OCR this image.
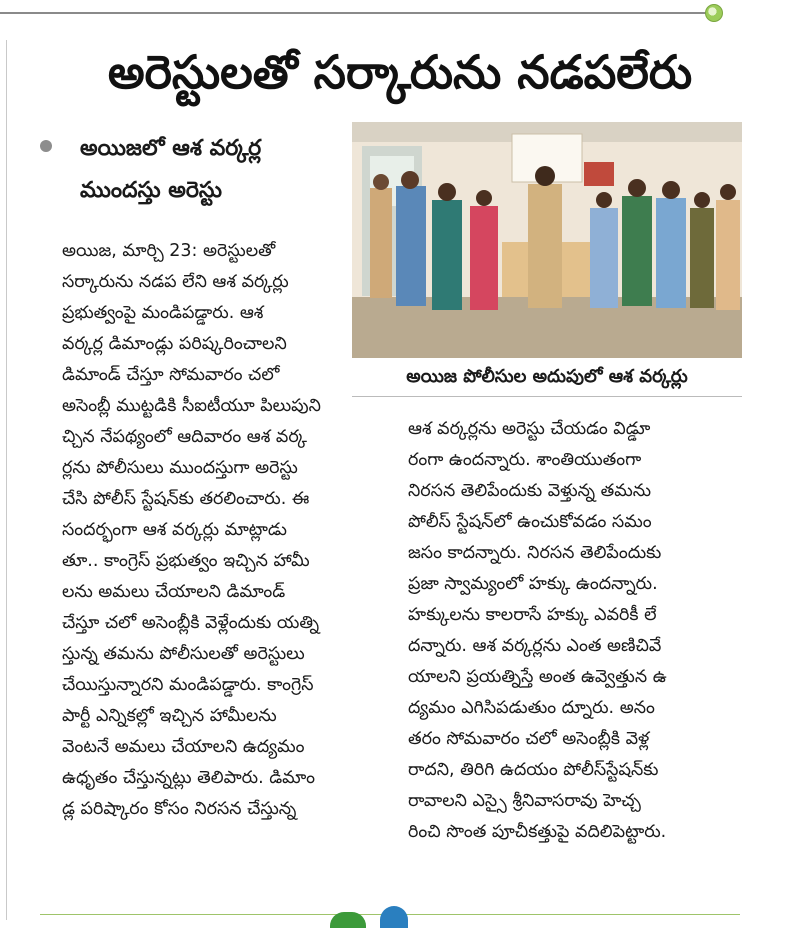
అరెస్టులతో సర్కారును నడపలేరు
అయిజలో ఆశ వర్కర్ల
ముందస్తు అరెస్టు
అయిజ పోలీసుల అదుపులో ఆశ వర్కర్లు

అయిజ, మార్చి 23: అరెస్టులతో

సర్కారును నడప లేని ఆశ వర్కర్లు

ప్రభుత్వంపై మండిపడ్డారు. ఆశ

వర్కర్ల డిమాండ్లు పరిష్కరించాలని

డిమాండ్ చేస్తూ సోమవారం చలో

అసెంబ్లీ ముట్టడికి సీఐటీయూ పిలుపుని

చ్చిన నేపథ్యంలో ఆదివారం ఆశ వర్క

ర్లను పోలీసులు ముందస్తుగా అరెస్టు

చేసి పోలీస్ స్టేషన్‌కు తరలించారు. ఈ

సందర్భంగా ఆశ వర్కర్లు మాట్లాడు

తూ.. కాంగ్రెస్ ప్రభుత్వం ఇచ్చిన హామీ

లను అమలు చేయాలని డిమాండ్

చేస్తూ చలో అసెంబ్లీకి వెళ్లేందుకు యత్ని

స్తున్న తమను పోలీసులతో అరెస్టులు

చేయిస్తున్నారని మండిపడ్డారు. కాంగ్రెస్

పార్టీ ఎన్నికల్లో ఇచ్చిన హామీలను

వెంటనే అమలు చేయాలని ఉద్యమం

ఉధృతం చేస్తున్నట్లు తెలిపారు. డిమాం

డ్ల పరిష్కారం కోసం నిరసన చేస్తున్న

ఆశ వర్కర్లను అరెస్టు చేయడం విడ్డూ

రంగా ఉందన్నారు. శాంతియుతంగా

నిరసన తెలిపేందుకు వెళ్తున్న తమను

పోలీస్ స్టేషన్‌లో ఉంచుకోవడం సమం

జసం కాదన్నారు. నిరసన తెలిపేందుకు

ప్రజా స్వామ్యంలో హక్కు ఉందన్నారు.

హక్కులను కాలరాసే హక్కు ఎవరికీ లే

దన్నారు. ఆశ వర్కర్లను ఎంత అణిచివే

యాలని ప్రయత్నిస్తే అంత ఉవ్వెత్తున ఉ

ద్యమం ఎగిసిపడుతుం ద్నూరు. అనం

తరం సోమవారం చలో అసెంబ్లీకి వెళ్ల

రాదని, తిరిగి ఉదయం పోలీస్‌స్టేషన్‌కు

రావాలని ఎస్సై శ్రీనివాసరావు హెచ్చ

రించి సొంత పూచీకత్తుపై వదిలిపెట్టారు.
